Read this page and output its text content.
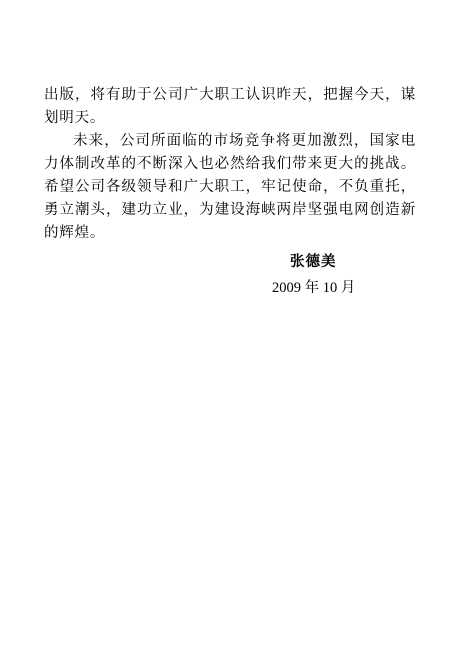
出版，将有助于公司广大职工认识昨天，把握今天，谋划明天。

未来，公司所面临的市场竞争将更加激烈，国家电力体制改革的不断深入也必然给我们带来更大的挑战。希望公司各级领导和广大职工，牢记使命，不负重托，勇立潮头，建功立业，为建设海峡两岸坚强电网创造新的辉煌。

张德美
2009 年 10 月
